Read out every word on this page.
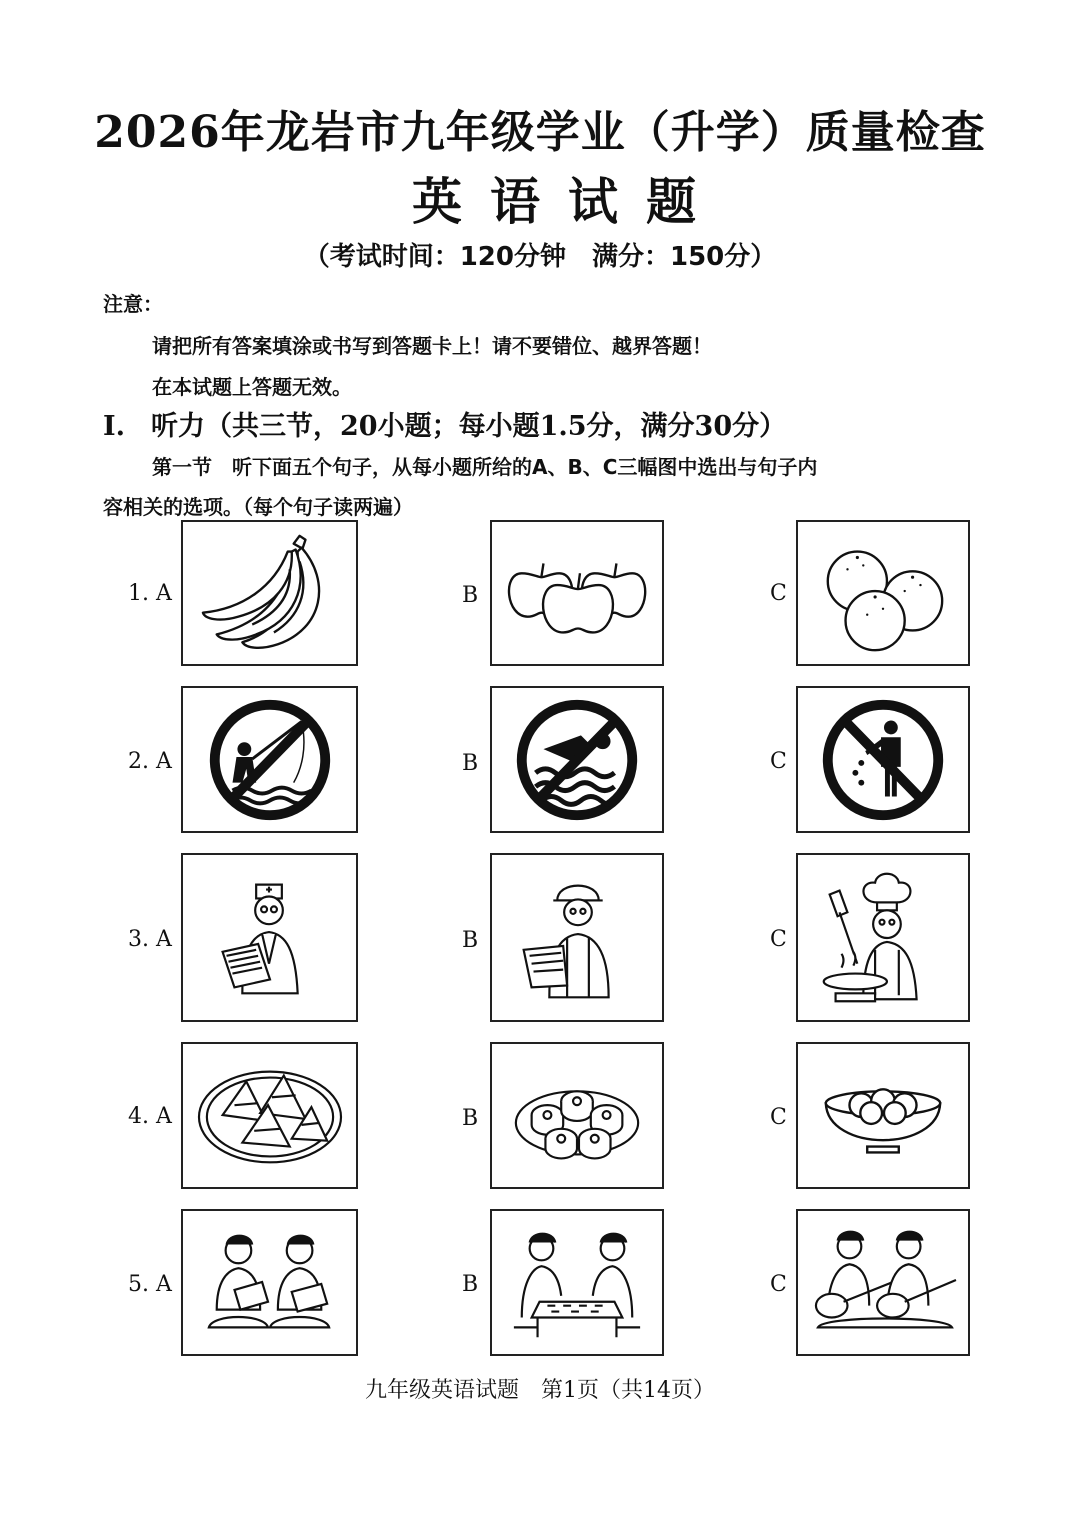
2026年龙岩市九年级学业（升学）质量检查
英语试题
（考试时间：120分钟　满分：150分）
注意：
请把所有答案填涂或书写到答题卡上！请不要错位、越界答题！
在本试题上答题无效。
I. 听力（共三节，20小题；每小题1.5分，满分30分）
第一节　听下面五个句子，从每小题所给的A、B、C三幅图中选出与句子内
容相关的选项。（每个句子读两遍）
1. A	B	C
2. A	B	C
3. A	B	C
4. A	B	C
5. A	B	C
九年级英语试题　第1页（共14页）
